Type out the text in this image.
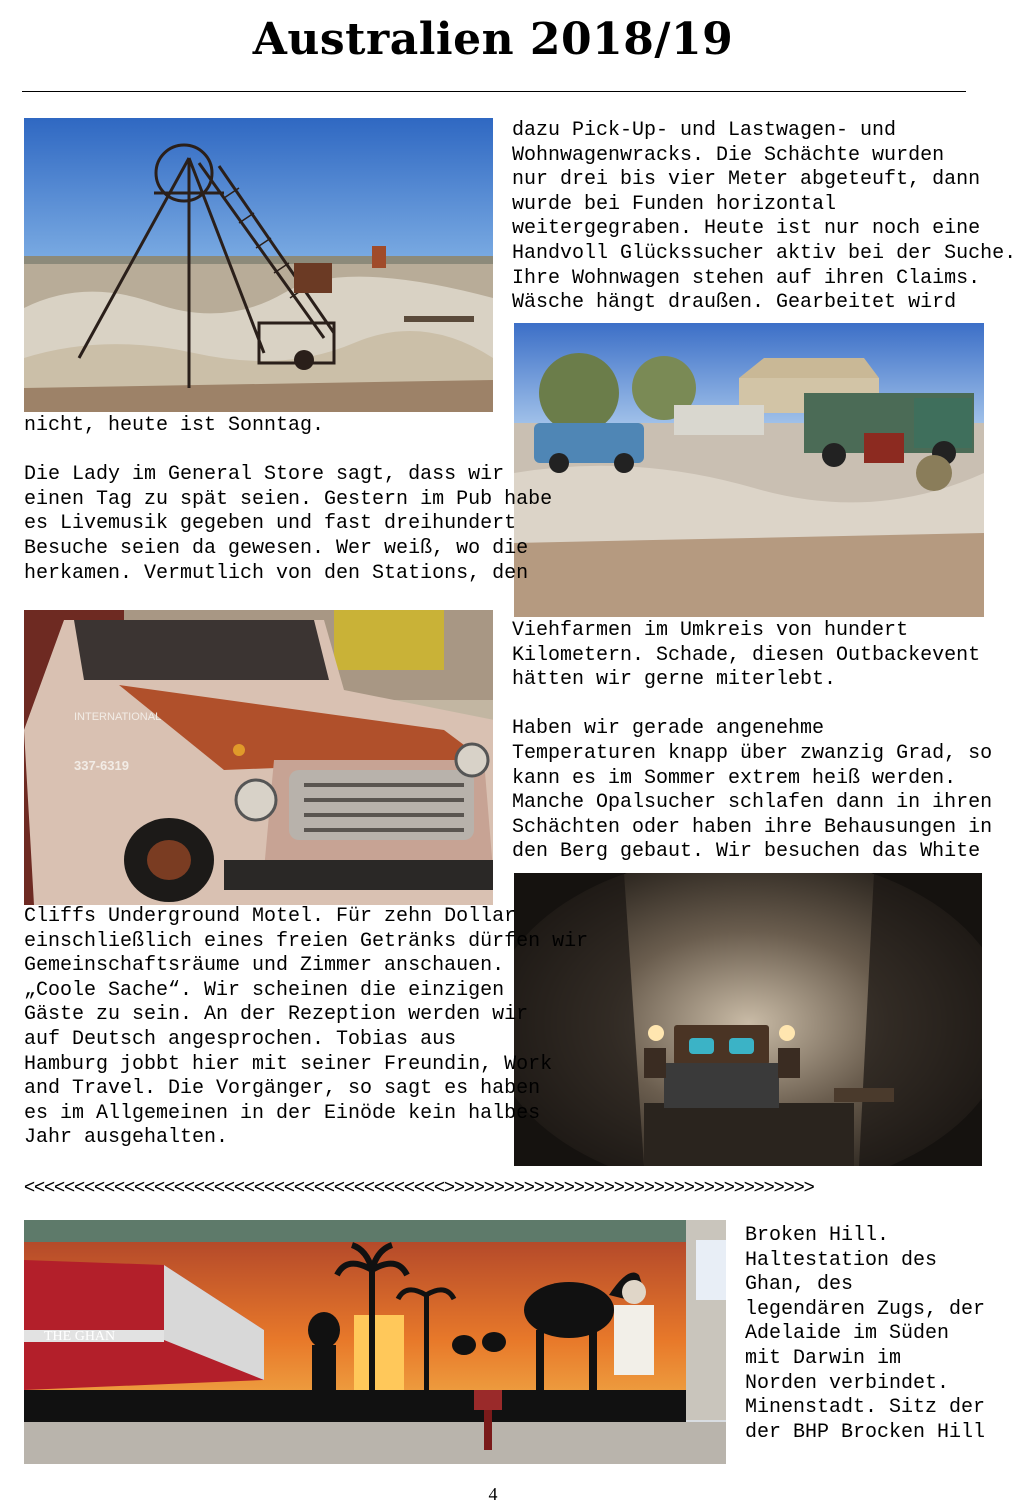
Australien 2018/19
dazu Pick-Up- und Lastwagen- und
Wohnwagenwracks. Die Schächte wurden
nur drei bis vier Meter abgeteuft, dann
wurde bei Funden horizontal
weitergegraben. Heute ist nur noch eine
Handvoll Glückssucher aktiv bei der Suche.
Ihre Wohnwagen stehen auf ihren Claims.
Wäsche hängt draußen. Gearbeitet wird
nicht, heute ist Sonntag.

Die Lady im General Store sagt, dass wir
einen Tag zu spät seien. Gestern im Pub habe
es Livemusik gegeben und fast dreihundert
Besuche seien da gewesen. Wer weiß, wo die
herkamen. Vermutlich von den Stations, den
INTERNATIONAL
337-6319
Viehfarmen im Umkreis von hundert
Kilometern. Schade, diesen Outbackevent
hätten wir gerne miterlebt.

Haben wir gerade angenehme
Temperaturen knapp über zwanzig Grad, so
kann es im Sommer extrem heiß werden.
Manche Opalsucher schlafen dann in ihren
Schächten oder haben ihre Behausungen in
den Berg gebaut. Wir besuchen das White
Cliffs Underground Motel. Für zehn Dollar
einschließlich eines freien Getränks dürfen wir
Gemeinschaftsräume und Zimmer anschauen.
„Coole Sache“. Wir scheinen die einzigen
Gäste zu sein. An der Rezeption werden wir
auf Deutsch angesprochen. Tobias aus
Hamburg jobbt hier mit seiner Freundin, Work
and Travel. Die Vorgänger, so sagt es haben
es im Allgemeinen in der Einöde kein halbes
Jahr ausgehalten.
<<<<<<<<<<<<<<<<<<<<<<<<<<<<<<<<<<<<<<<<<<>>>>>>>>>>>>>>>>>>>>>>>>>>>>>>>>>>>>>
THE GHAN
Broken Hill.
Haltestation des
Ghan, des
legendären Zugs, der
Adelaide im Süden
mit Darwin im
Norden verbindet.
Minenstadt. Sitz der
der BHP Brocken Hill
4
